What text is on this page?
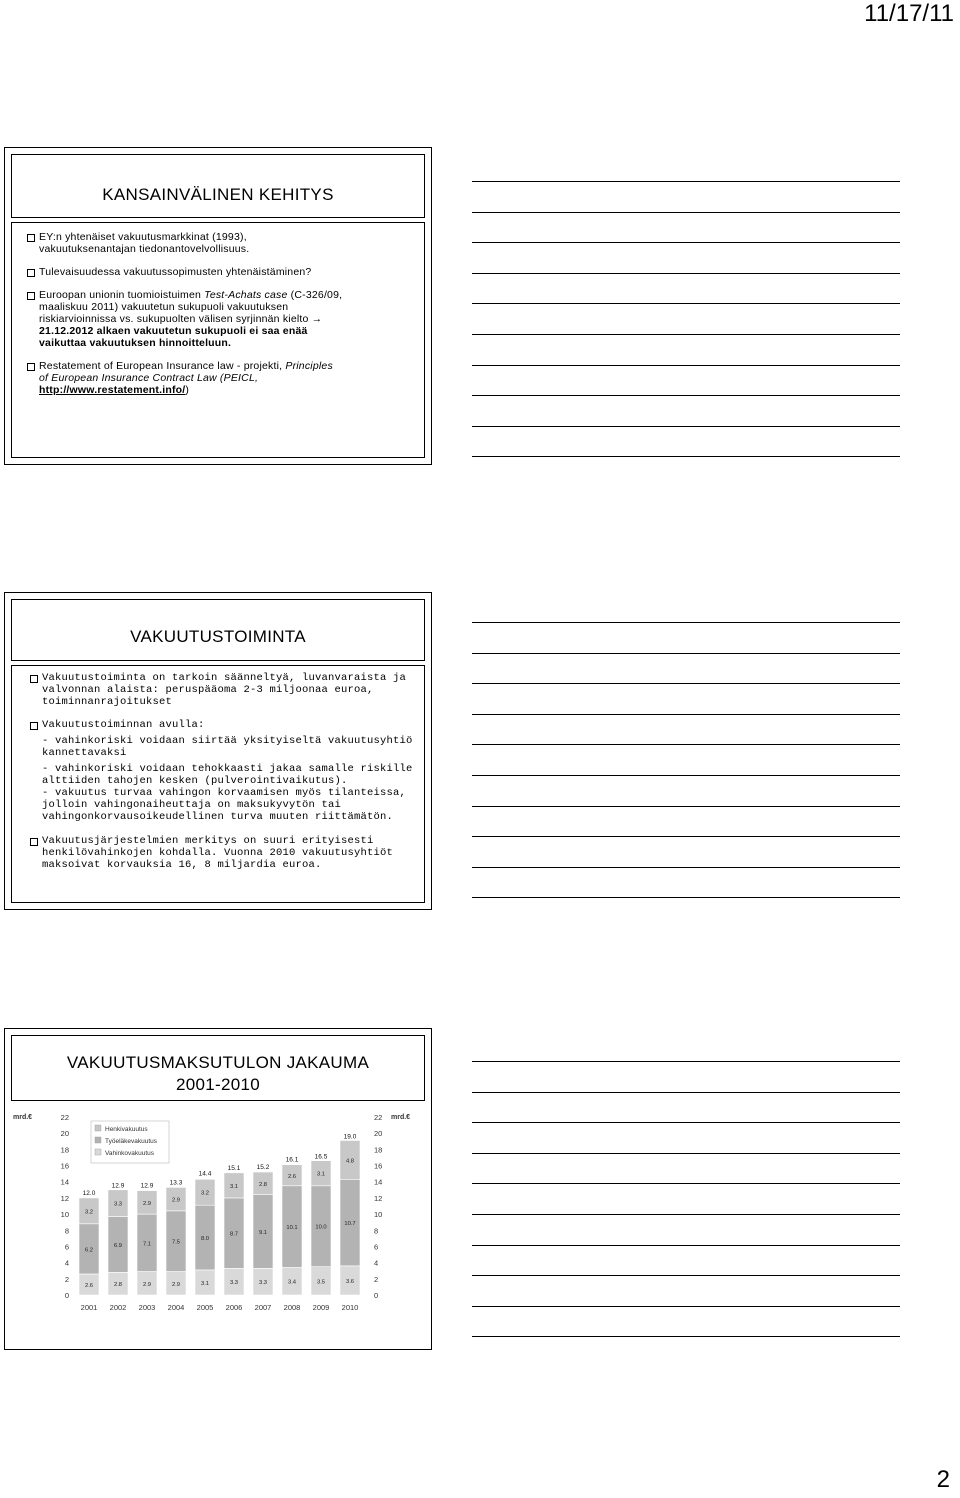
11/17/11
KANSAINVÄLINEN KEHITYS
EY:n yhtenäiset vakuutusmarkkinat (1993),
vakuutuksenantajan tiedonantovelvollisuus.
Tulevaisuudessa vakuutussopimusten yhtenäistäminen?
Euroopan unionin tuomioistuimen Test-Achats case (C-326/09,
maaliskuu 2011) vakuutetun sukupuoli vakuutuksen
riskiarvioinnissa vs. sukupuolten välisen syrjinnän kielto →
21.12.2012 alkaen vakuutetun sukupuoli ei saa enää
vaikuttaa vakuutuksen hinnoitteluun.
Restatement of European Insurance law - projekti, Principles
of European Insurance Contract Law (PEICL,
http://www.restatement.info/)
VAKUUTUSTOIMINTA
Vakuutustoiminta on tarkoin säänneltyä, luvanvaraista ja
valvonnan alaista: peruspääoma 2-3 miljoonaa euroa,
toiminnanrajoitukset
Vakuutustoiminnan avulla:
- vahinkoriski voidaan siirtää yksityiseltä vakuutusyhtiö
kannettavaksi
- vahinkoriski voidaan tehokkaasti jakaa samalle riskille
alttiiden tahojen kesken (pulverointivaikutus).
- vakuutus turvaa vahingon korvaamisen myös tilanteissa,
jolloin vahingonaiheuttaja on maksukyvytön tai
vahingonkorvausoikeudellinen turva muuten riittämätön.
Vakuutusjärjestelmien merkitys on suuri erityisesti
henkilövahinkojen kohdalla. Vuonna 2010 vakuutusyhtiöt
maksoivat korvauksia 16, 8 miljardia euroa.
VAKUUTUSMAKSUTULON JAKAUMA
2001-2010
mrd.€	mrd.€
0
2
4
6
8
10
12
14
16
18
20
22
0
2
4
6
8
10
12
14
16
18
20
22
2.6
6.2
3.2
12.0
2.8
6.9
3.3
12.9
2.9
7.1
2.9
12.9
2.9
7.5
2.9
13.3
3.1
8.0
3.2
14.4
3.3
8.7
3.1
15.1
3.3
9.1
2.8
15.2
3.4
10.1
2.6
16.1
3.5
10.0
3.1
16.5
3.6
10.7
4.8
19.0
2001 2002 2003 2004 2005 2006 2007 2008 2009 2010
Henkivakuutus
Työeläkevakuutus
Vahinkovakuutus
2
